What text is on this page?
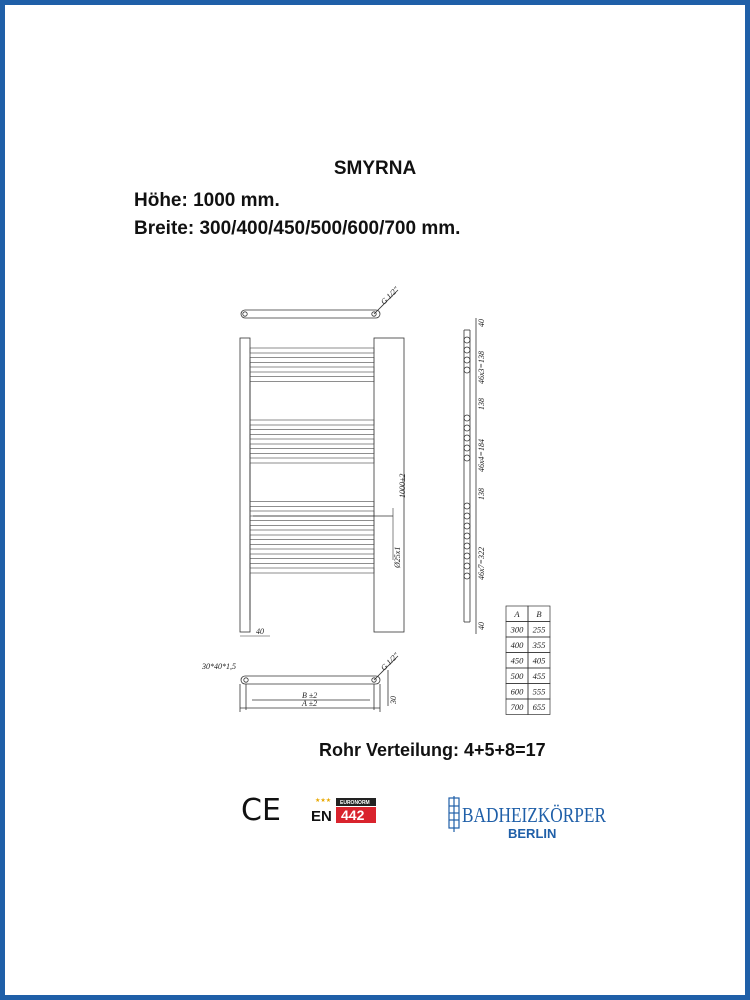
SMYRNA
Höhe: 1000 mm.
Breite: 300/400/450/500/600/700 mm.
G 1/2"
Ø25x1
1000±2
40
30*40*1,5	G 1/2"
B ±2
A ±2	30
40
46x3=138
138
46x4=184
138
46x7=322
40
A B
300 255
400 355
450 405
500 455
600 555
700 655
CE	★★★ EURONORM
EN 442	BADHEIZKÖRPER
BERLIN
Rohr Verteilung: 4+5+8=17
